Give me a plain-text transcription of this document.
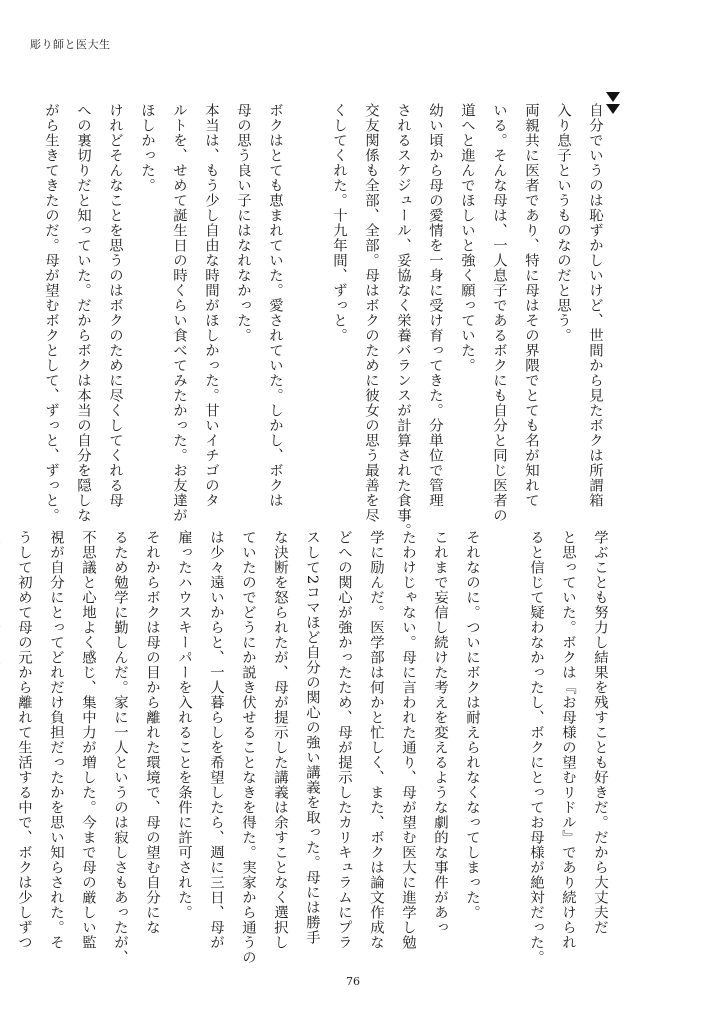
彫り師と医大生
自分でいうのは恥ずかしいけど、世間から見たボクは所謂箱
入り息子というものなのだと思う。
両親共に医者であり、特に母はその界隈でとても名が知れて
いる。そんな母は、一人息子であるボクにも自分と同じ医者の
道へと進んでほしいと強く願っていた。
幼い頃から母の愛情を一身に受け育ってきた。分単位で管理
されるスケジュール、妥協なく栄養バランスが計算された食事。
交友関係も全部、全部。母はボクのために彼女の思う最善を尽
くしてくれた。十九年間、ずっと。

ボクはとても恵まれていた。愛されていた。しかし、ボクは
母の思う良い子にはなれなかった。
本当は、もう少し自由な時間がほしかった。甘いイチゴのタ
ルトを、せめて誕生日の時くらい食べてみたかった。お友達が
ほしかった。
けれどそんなことを思うのはボクのために尽くしてくれる母
への裏切りだと知っていた。だからボクは本当の自分を隠しな
がら生きてきたのだ。母が望むボクとして、ずっと、ずっと。
学ぶことも努力し結果を残すことも好きだ。だから大丈夫だ
と思っていた。ボクは『お母様の望むリドル』であり続けられ
ると信じて疑わなかったし、ボクにとってお母様が絶対だった。

それなのに。ついにボクは耐えられなくなってしまった。
これまで妄信し続けた考えを変えるような劇的な事件があっ
たわけじゃない。母に言われた通り、母が望む医大に進学し勉
学に励んだ。医学部は何かと忙しく、また、ボクは論文作成な
どへの関心が強かったため、母が提示したカリキュラムにプラ
スして2コマほど自分の関心の強い講義を取った。母には勝手
な決断を怒られたが、母が提示した講義は余すことなく選択し
ていたのでどうにか説き伏せることなきを得た。実家から通うの
は少々遠いからと、一人暮らしを希望したら、週に三日、母が
雇ったハウスキーパーを入れることを条件に許可された。
それからボクは母の目から離れた環境で、母の望む自分にな
るため勉学に勤しんだ。家に一人というのは寂しさもあったが、
不思議と心地よく感じ、集中力が増した。今まで母の厳しい監
視が自分にとってどれだけ負担だったかを思い知らされた。そ
うして初めて母の元から離れて生活する中で、ボクは少しずつ
76
